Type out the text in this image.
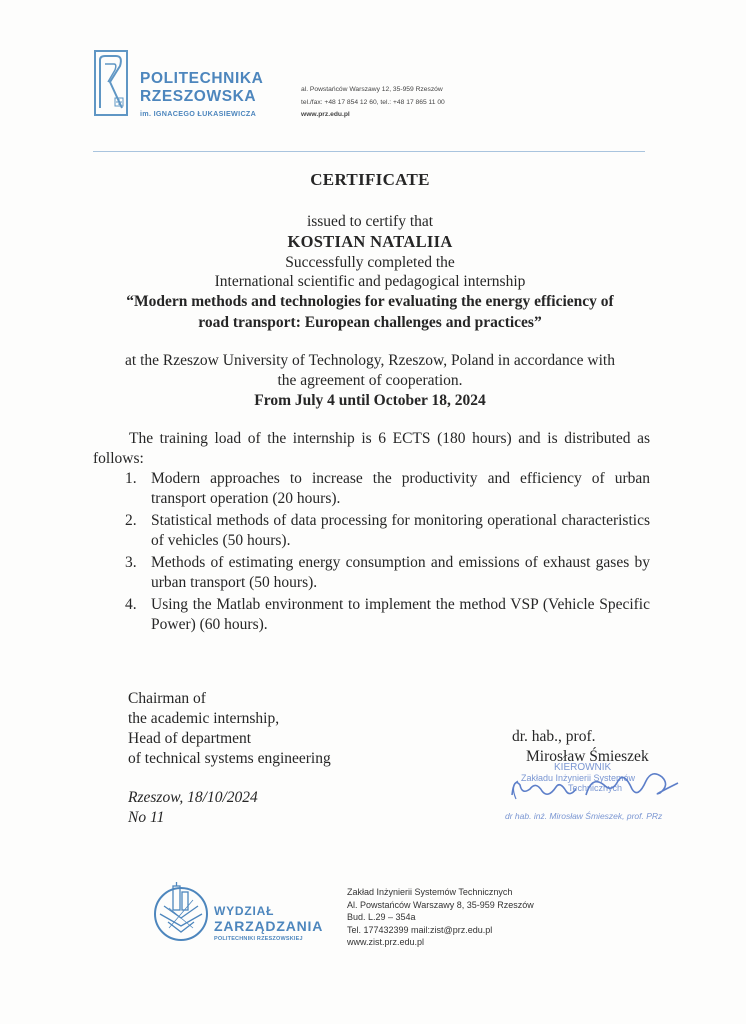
POLITECHNIKA
RZESZOWSKA
im. IGNACEGO ŁUKASIEWICZA
al. Powstańców Warszawy 12, 35-959 Rzeszów
tel./fax: +48 17 854 12 60, tel.: +48 17 865 11 00
www.prz.edu.pl
CERTIFICATE
issued to certify that
KOSTIAN NATALIIA
Successfully completed the
International scientific and pedagogical internship
“Modern methods and technologies for evaluating the energy efficiency of
road transport: European challenges and practices”
at the Rzeszow University of Technology, Rzeszow, Poland in accordance with
the agreement of cooperation.
From July 4 until October 18, 2024
The training load of the internship is 6 ECTS (180 hours) and is distributed as follows:
1. Modern approaches to increase the productivity and efficiency of urban transport operation (20 hours).
2. Statistical methods of data processing for monitoring operational characteristics of vehicles (50 hours).
3. Methods of estimating energy consumption and emissions of exhaust gases by urban transport (50 hours).
4. Using the Matlab environment to implement the method VSP (Vehicle Specific Power) (60 hours).
Chairman of
the academic internship,
Head of department
of technical systems engineering
dr. hab., prof.
Mirosław Śmieszek
KIEROWNIK
Zakładu Inżynierii Systemów
Technicznych
dr hab. inż. Mirosław Śmieszek, prof. PRz
Rzeszow, 18/10/2024
No 11
WYDZIAŁ
ZARZĄDZANIA
POLITECHNIKI RZESZOWSKIEJ
Zakład Inżynierii Systemów Technicznych
Al. Powstańców Warszawy 8, 35-959 Rzeszów
Bud. L.29 – 354a
Tel. 177432399 mail:zist@prz.edu.pl
www.zist.prz.edu.pl
